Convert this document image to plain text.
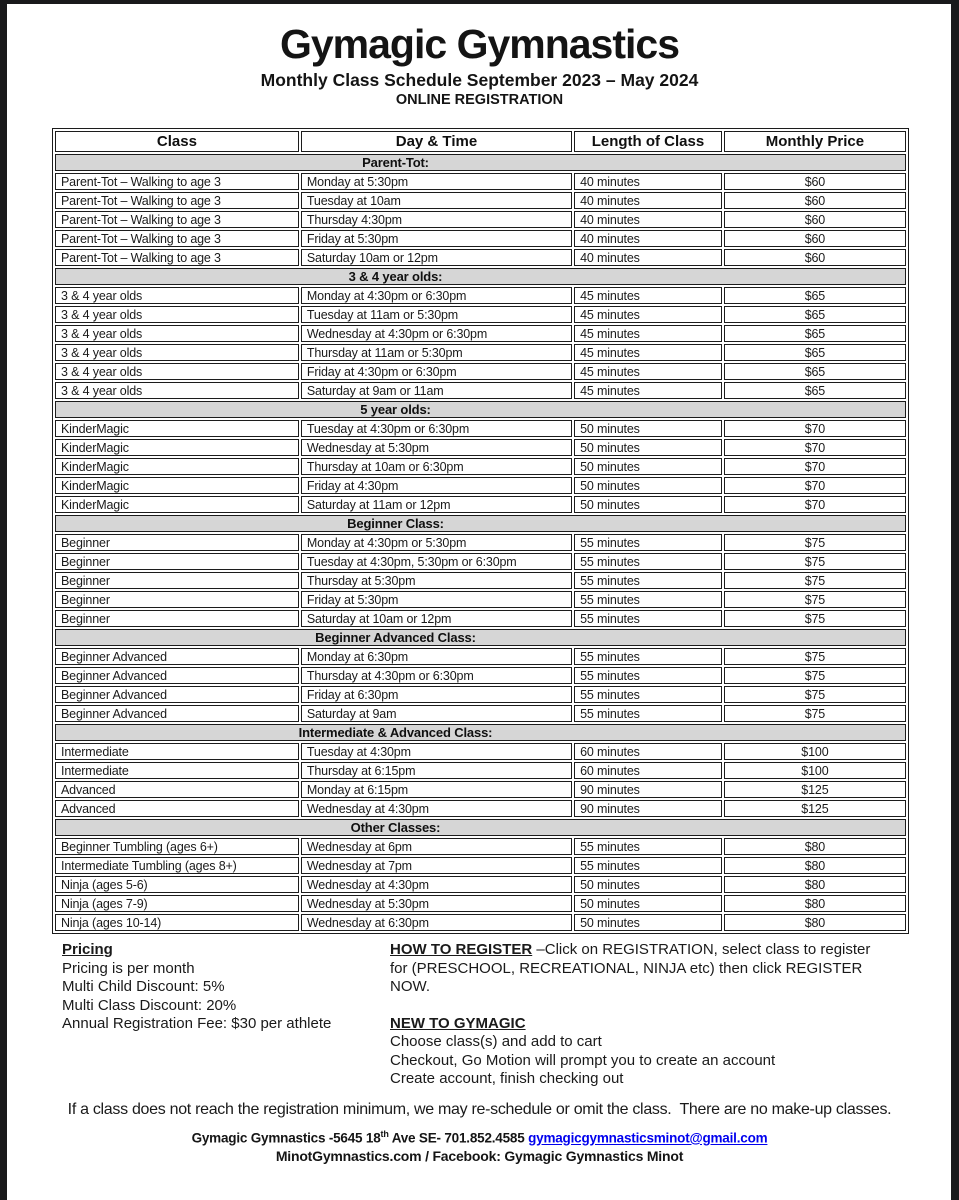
Gymagic Gymnastics
Monthly Class Schedule September 2023 – May 2024
ONLINE REGISTRATION
Class	Day & Time	Length of Class	Monthly Price
Parent-Tot:			
Parent-Tot – Walking to age 3	Monday at 5:30pm	40 minutes	$60
Parent-Tot – Walking to age 3	Tuesday at 10am	40 minutes	$60
Parent-Tot – Walking to age 3	Thursday 4:30pm	40 minutes	$60
Parent-Tot – Walking to age 3	Friday at 5:30pm	40 minutes	$60
Parent-Tot – Walking to age 3	Saturday 10am or 12pm	40 minutes	$60
3 & 4 year olds:			
3 & 4 year olds	Monday at 4:30pm or 6:30pm	45 minutes	$65
3 & 4 year olds	Tuesday at 11am or 5:30pm	45 minutes	$65
3 & 4 year olds	Wednesday at 4:30pm or 6:30pm	45 minutes	$65
3 & 4 year olds	Thursday at 11am or 5:30pm	45 minutes	$65
3 & 4 year olds	Friday at 4:30pm or 6:30pm	45 minutes	$65
3 & 4 year olds	Saturday at 9am or 11am	45 minutes	$65
5 year olds:			
KinderMagic	Tuesday at 4:30pm or 6:30pm	50 minutes	$70
KinderMagic	Wednesday at 5:30pm	50 minutes	$70
KinderMagic	Thursday at 10am or 6:30pm	50 minutes	$70
KinderMagic	Friday at 4:30pm	50 minutes	$70
KinderMagic	Saturday at 11am or 12pm	50 minutes	$70
Beginner Class:			
Beginner	Monday at 4:30pm or 5:30pm	55 minutes	$75
Beginner	Tuesday at 4:30pm, 5:30pm or 6:30pm	55 minutes	$75
Beginner	Thursday at 5:30pm	55 minutes	$75
Beginner	Friday at 5:30pm	55 minutes	$75
Beginner	Saturday at 10am or 12pm	55 minutes	$75
Beginner Advanced Class:			
Beginner Advanced	Monday at 6:30pm	55 minutes	$75
Beginner Advanced	Thursday at 4:30pm or 6:30pm	55 minutes	$75
Beginner Advanced	Friday at 6:30pm	55 minutes	$75
Beginner Advanced	Saturday at 9am	55 minutes	$75
Intermediate & Advanced Class:			
Intermediate	Tuesday at 4:30pm	60 minutes	$100
Intermediate	Thursday at 6:15pm	60 minutes	$100
Advanced	Monday at 6:15pm	90 minutes	$125
Advanced	Wednesday at 4:30pm	90 minutes	$125
Other Classes:			
Beginner Tumbling (ages 6+)	Wednesday at 6pm	55 minutes	$80
Intermediate Tumbling (ages 8+)	Wednesday at 7pm	55 minutes	$80
Ninja (ages 5-6)	Wednesday at 4:30pm	50 minutes	$80
Ninja (ages 7-9)	Wednesday at 5:30pm	50 minutes	$80
Ninja (ages 10-14)	Wednesday at 6:30pm	50 minutes	$80
Pricing
Pricing is per month
Multi Child Discount: 5%
Multi Class Discount: 20%
Annual Registration Fee: $30 per athlete
HOW TO REGISTER –Click on REGISTRATION, select class to register for (PRESCHOOL, RECREATIONAL, NINJA etc) then click REGISTER NOW.
NEW TO GYMAGIC
Choose class(s) and add to cart
Checkout, Go Motion will prompt you to create an account
Create account, finish checking out
If a class does not reach the registration minimum, we may re-schedule or omit the class.  There are no make-up classes.
Gymagic Gymnastics -5645 18th Ave SE- 701.852.4585 gymagicgymnasticsminot@gmail.com
MinotGymnastics.com / Facebook: Gymagic Gymnastics Minot
